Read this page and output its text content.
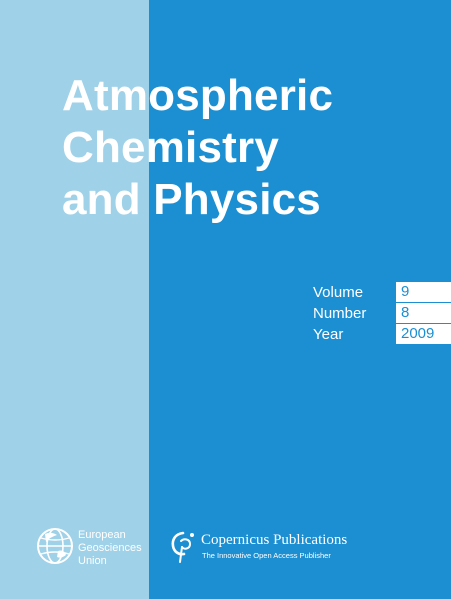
Atmospheric
Chemistry
and Physics
Volume	9
Number	8
Year	2009
European
Geosciences
Union
Copernicus Publications
The Innovative Open Access Publisher
